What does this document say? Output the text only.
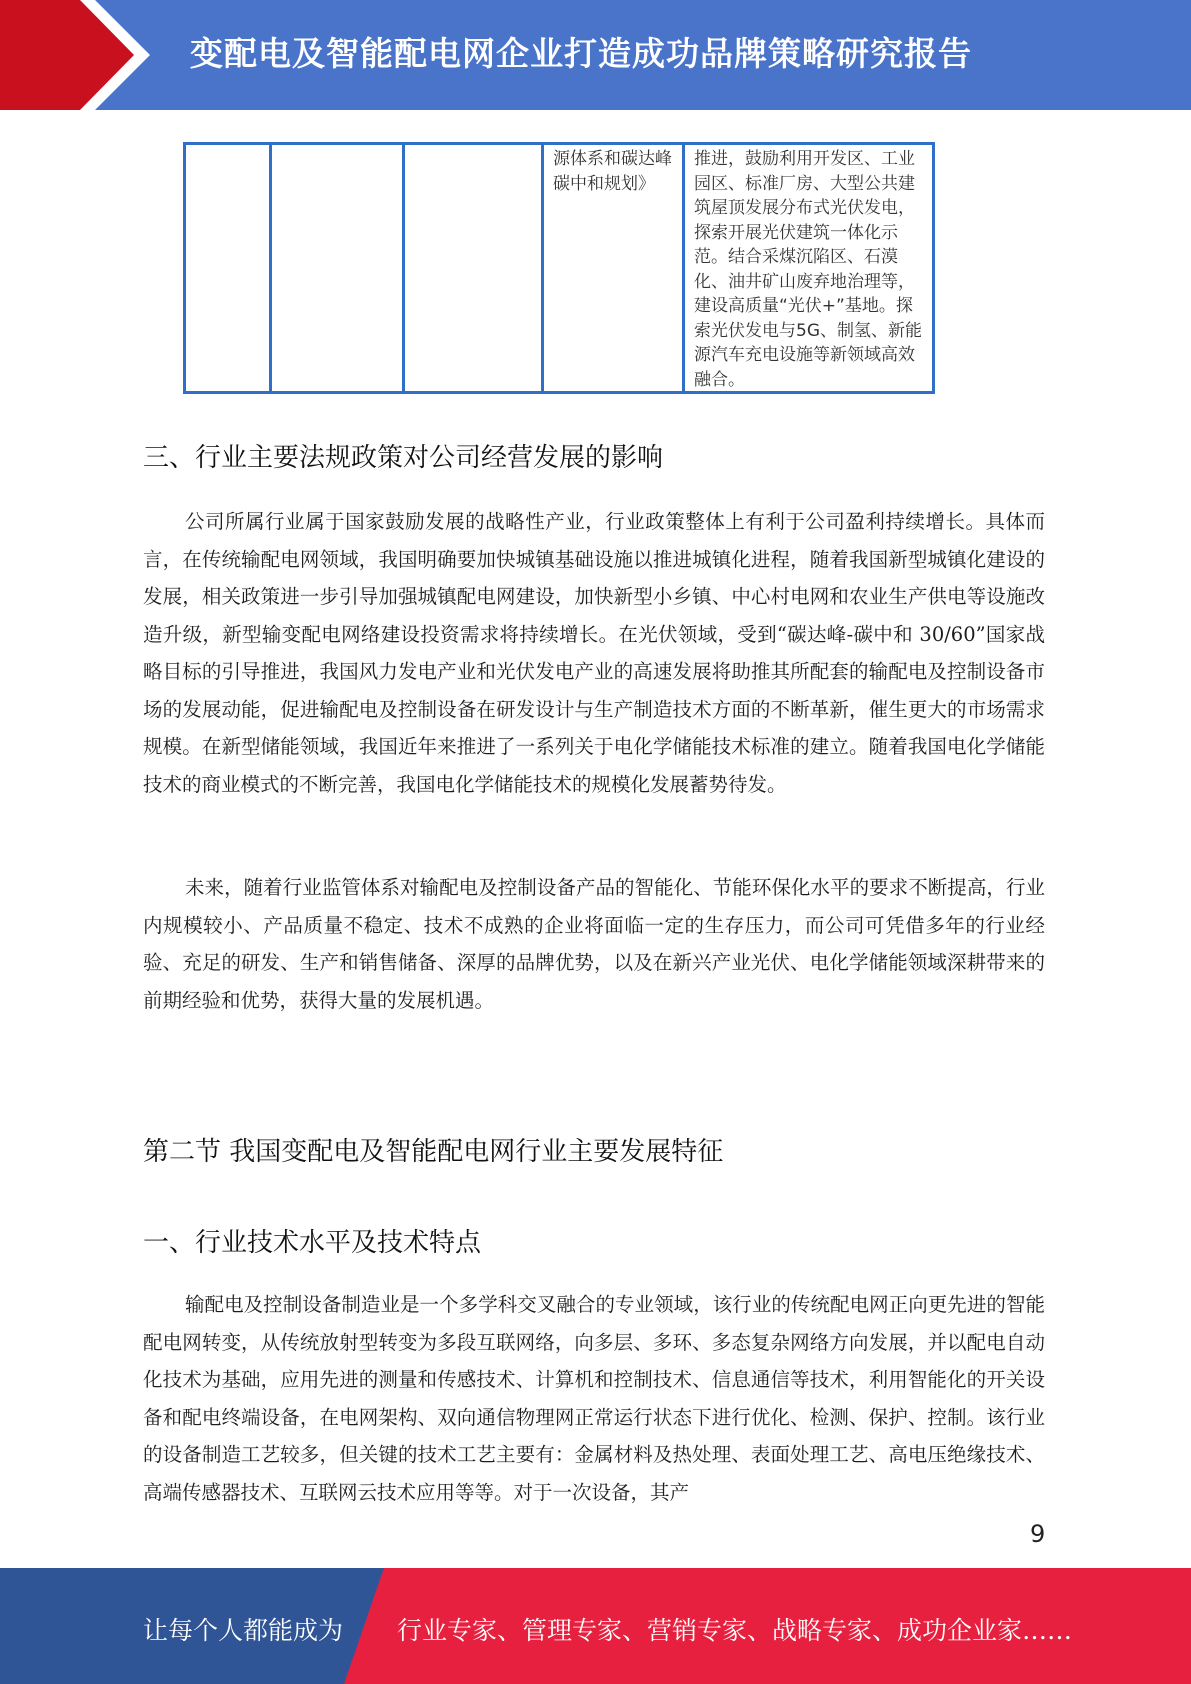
变配电及智能配电网企业打造成功品牌策略研究报告
源体系和碳达峰碳中和规划》
推进，鼓励利用开发区、工业园区、标准厂房、大型公共建筑屋顶发展分布式光伏发电，探索开展光伏建筑一体化示范。结合采煤沉陷区、石漠化、油井矿山废弃地治理等，建设高质量“光伏+”基地。探索光伏发电与5G、制氢、新能源汽车充电设施等新领域高效融合。
三、行业主要法规政策对公司经营发展的影响

公司所属行业属于国家鼓励发展的战略性产业，行业政策整体上有利于公司盈利持续增长。具体而言，在传统输配电网领域，我国明确要加快城镇基础设施以推进城镇化进程，随着我国新型城镇化建设的发展，相关政策进一步引导加强城镇配电网建设，加快新型小乡镇、中心村电网和农业生产供电等设施改造升级，新型输变配电网络建设投资需求将持续增长。在光伏领域，受到“碳达峰-碳中和 30/60”国家战略目标的引导推进，我国风力发电产业和光伏发电产业的高速发展将助推其所配套的输配电及控制设备市场的发展动能，促进输配电及控制设备在研发设计与生产制造技术方面的不断革新，催生更大的市场需求规模。在新型储能领域，我国近年来推进了一系列关于电化学储能技术标准的建立。随着我国电化学储能技术的商业模式的不断完善，我国电化学储能技术的规模化发展蓄势待发。

未来，随着行业监管体系对输配电及控制设备产品的智能化、节能环保化水平的要求不断提高，行业内规模较小、产品质量不稳定、技术不成熟的企业将面临一定的生存压力，而公司可凭借多年的行业经验、充足的研发、生产和销售储备、深厚的品牌优势，以及在新兴产业光伏、电化学储能领域深耕带来的前期经验和优势，获得大量的发展机遇。

第二节 我国变配电及智能配电网行业主要发展特征
一、行业技术水平及技术特点

输配电及控制设备制造业是一个多学科交叉融合的专业领域，该行业的传统配电网正向更先进的智能配电网转变，从传统放射型转变为多段互联网络，向多层、多环、多态复杂网络方向发展，并以配电自动化技术为基础，应用先进的测量和传感技术、计算机和控制技术、信息通信等技术，利用智能化的开关设备和配电终端设备，在电网架构、双向通信物理网正常运行状态下进行优化、检测、保护、控制。该行业的设备制造工艺较多，但关键的技术工艺主要有：金属材料及热处理、表面处理工艺、高电压绝缘技术、高端传感器技术、互联网云技术应用等等。对于一次设备，其产

9
让每个人都能成为	行业专家、管理专家、营销专家、战略专家、成功企业家……
